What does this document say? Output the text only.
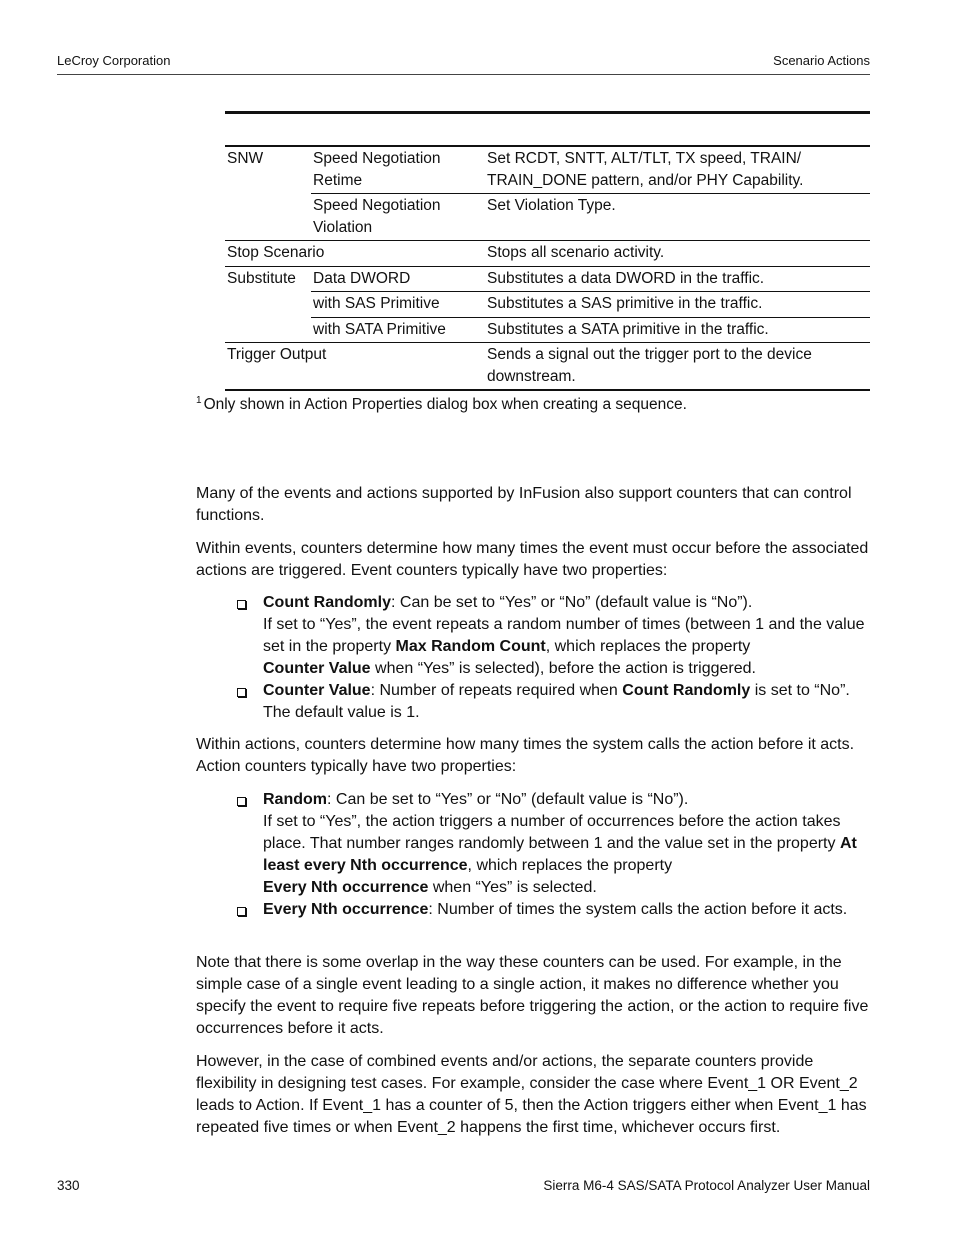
LeCroy Corporation	Scenario Actions
SNW	Speed Negotiation Retime	Set RCDT, SNTT, ALT/TLT, TX speed, TRAIN/ TRAIN_DONE pattern, and/or PHY Capability.
	Speed Negotiation Violation	Set Violation Type.
Stop Scenario		Stops all scenario activity.
Substitute	Data DWORD	Substitutes a data DWORD in the traffic.
	with SAS Primitive	Substitutes a SAS primitive in the traffic.
	with SATA Primitive	Substitutes a SATA primitive in the traffic.
Trigger Output		Sends a signal out the trigger port to the device downstream.
$^1$ Only shown in Action Properties dialog box when creating a sequence.

Many of the events and actions supported by InFusion also support counters that can control functions.

Within events, counters determine how many times the event must occur before the associated actions are triggered. Event counters typically have two properties:

Count Randomly: Can be set to “Yes” or “No” (default value is “No”).
If set to “Yes”, the event repeats a random number of times (between 1 and the value set in the property Max Random Count, which replaces the property
Counter Value when “Yes” is selected), before the action is triggered.
Counter Value: Number of repeats required when Count Randomly is set to “No”. The default value is 1.

Within actions, counters determine how many times the system calls the action before it acts. Action counters typically have two properties:

Random: Can be set to “Yes” or “No” (default value is “No”).
If set to “Yes”, the action triggers a number of occurrences before the action takes place. That number ranges randomly between 1 and the value set in the property At least every Nth occurrence, which replaces the property
Every Nth occurrence when “Yes” is selected.
Every Nth occurrence: Number of times the system calls the action before it acts.

Note that there is some overlap in the way these counters can be used. For example, in the simple case of a single event leading to a single action, it makes no difference whether you specify the event to require five repeats before triggering the action, or the action to require five occurrences before it acts.

However, in the case of combined events and/or actions, the separate counters provide flexibility in designing test cases. For example, consider the case where Event_1 OR Event_2 leads to Action. If Event_1 has a counter of 5, then the Action triggers either when Event_1 has repeated five times or when Event_2 happens the first time, whichever occurs first.

330	Sierra M6-4 SAS/SATA Protocol Analyzer User Manual
